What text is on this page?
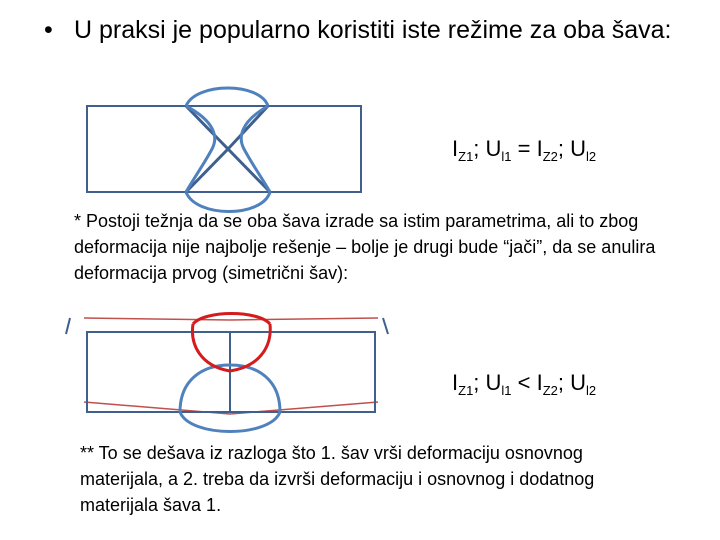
• U praksi je popularno koristiti iste režime za oba šava:
$I_{Z1}$; $U_{l1} = I_{Z2}$; $U_{l2}$
* Postoji težnja da se oba šava izrade sa istim parametrima, ali to zbog deformacija nije najbolje rešenje – bolje je drugi bude “jači”, da se anulira deformacija prvog (simetrični šav):
$I_{Z1}$; $U_{l1} < I_{Z2}$; $U_{l2}$
** To se dešava iz razloga što 1. šav vrši deformaciju osnovnog materijala, a 2. treba da izvrši deformaciju i osnovnog i dodatnog materijala šava 1.
